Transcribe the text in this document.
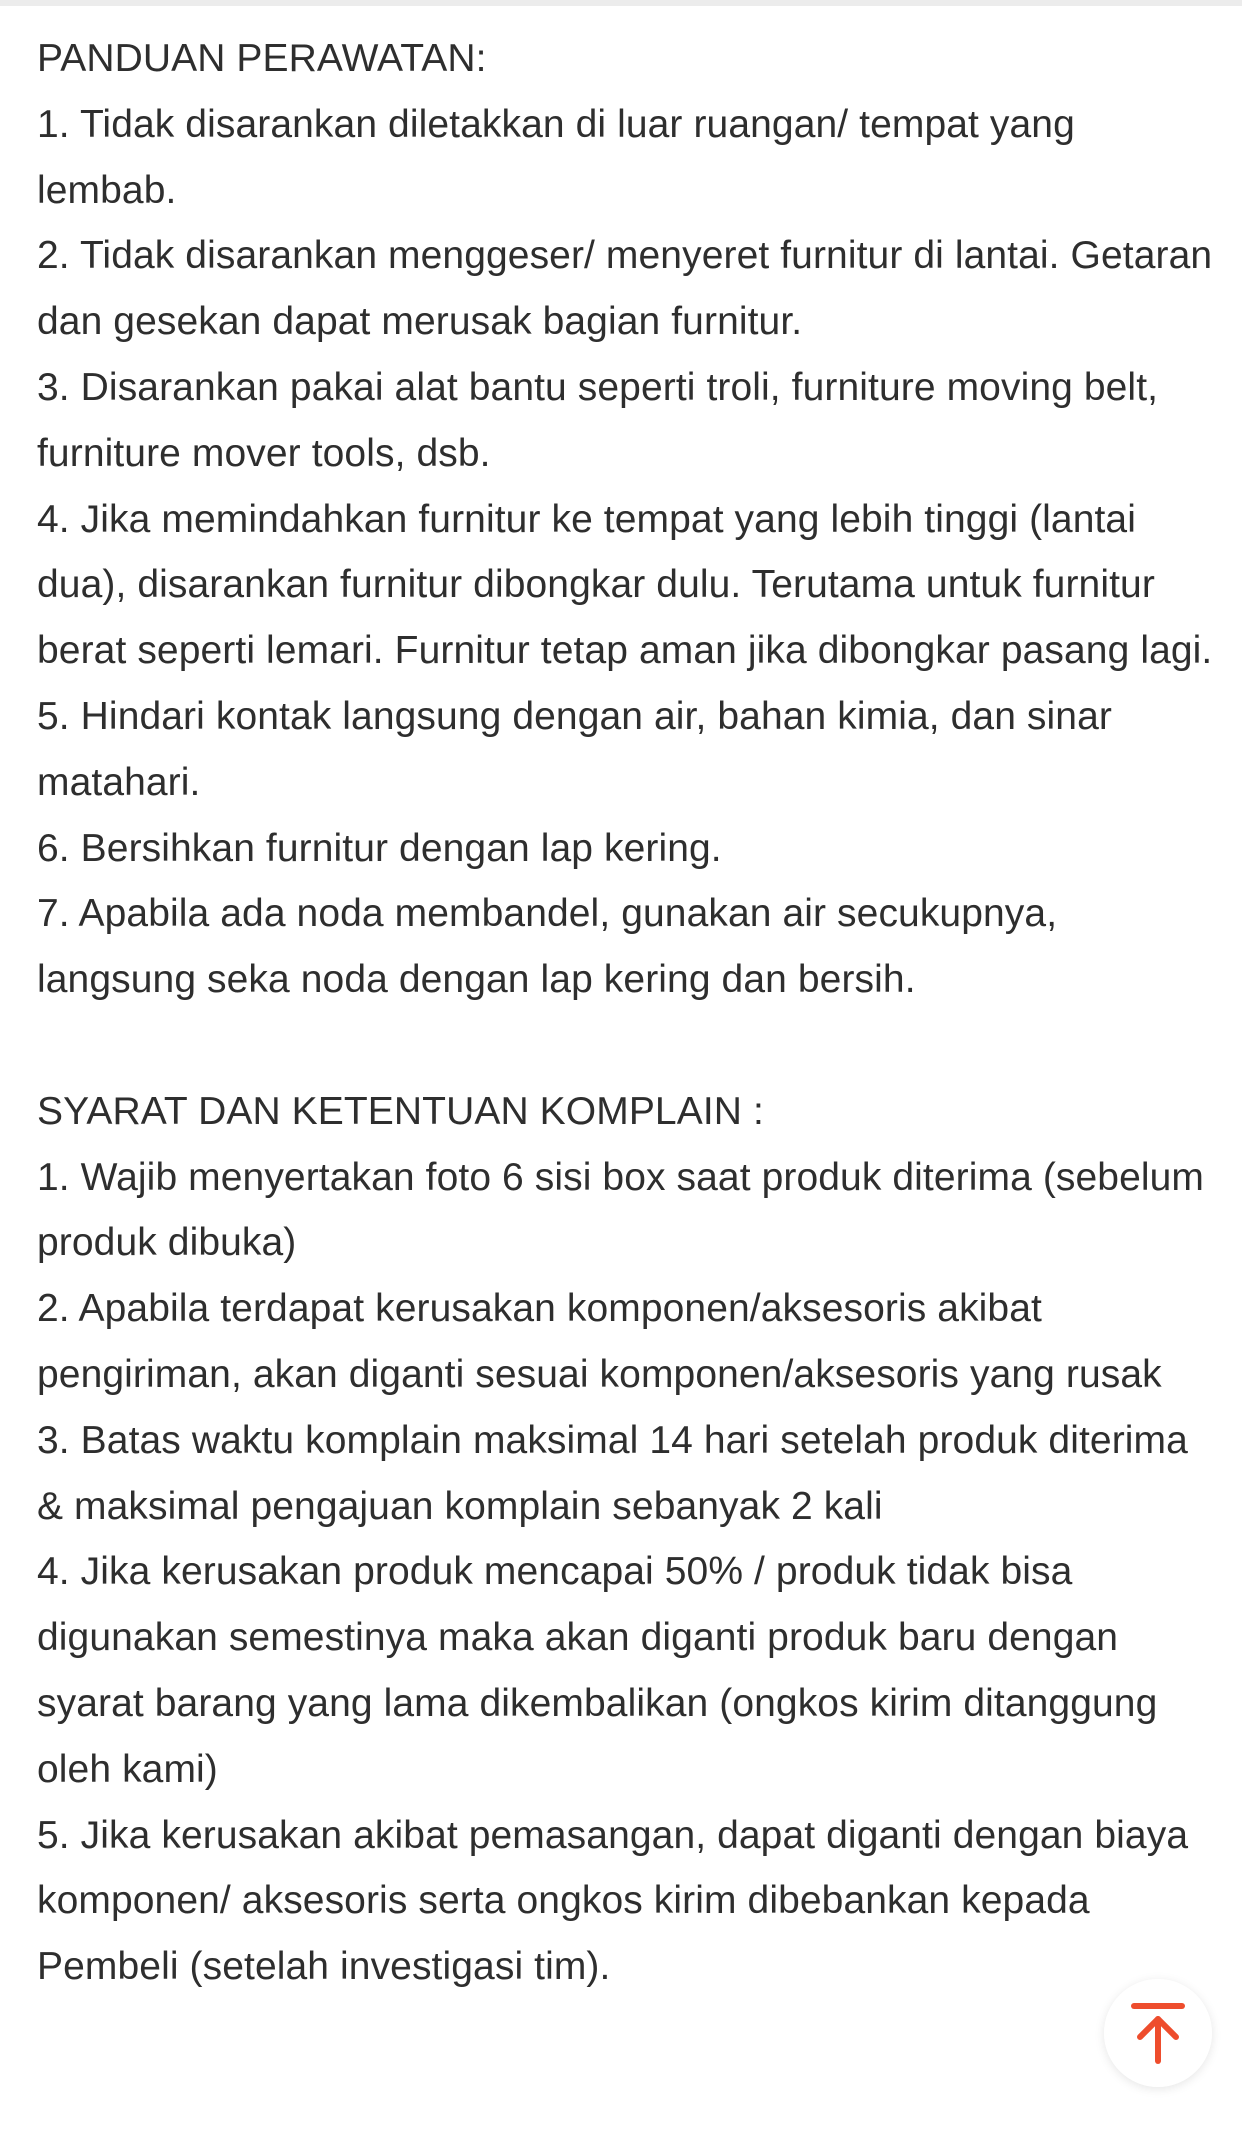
PANDUAN PERAWATAN:

1. Tidak disarankan diletakkan di luar ruangan/ tempat yang lembab.

2. Tidak disarankan menggeser/ menyeret furnitur di lantai. Getaran dan gesekan dapat merusak bagian furnitur.

3. Disarankan pakai alat bantu seperti troli, furniture moving belt, furniture mover tools, dsb.

4. Jika memindahkan furnitur ke tempat yang lebih tinggi (lantai dua), disarankan furnitur dibongkar dulu. Terutama untuk furnitur berat seperti lemari. Furnitur tetap aman jika dibongkar pasang lagi.

5. Hindari kontak langsung dengan air, bahan kimia, dan sinar matahari.

6. Bersihkan furnitur dengan lap kering.

7. Apabila ada noda membandel, gunakan air secukupnya, langsung seka noda dengan lap kering dan bersih.

SYARAT DAN KETENTUAN KOMPLAIN :

1. Wajib menyertakan foto 6 sisi box saat produk diterima (sebelum produk dibuka)

2. Apabila terdapat kerusakan komponen/aksesoris akibat pengiriman, akan diganti sesuai komponen/aksesoris yang rusak

3. Batas waktu komplain maksimal 14 hari setelah produk diterima & maksimal pengajuan komplain sebanyak 2 kali

4. Jika kerusakan produk mencapai 50% / produk tidak bisa digunakan semestinya maka akan diganti produk baru dengan syarat barang yang lama dikembalikan (ongkos kirim ditanggung oleh kami)

5. Jika kerusakan akibat pemasangan, dapat diganti dengan biaya komponen/ aksesoris serta ongkos kirim dibebankan kepada Pembeli (setelah investigasi tim).
